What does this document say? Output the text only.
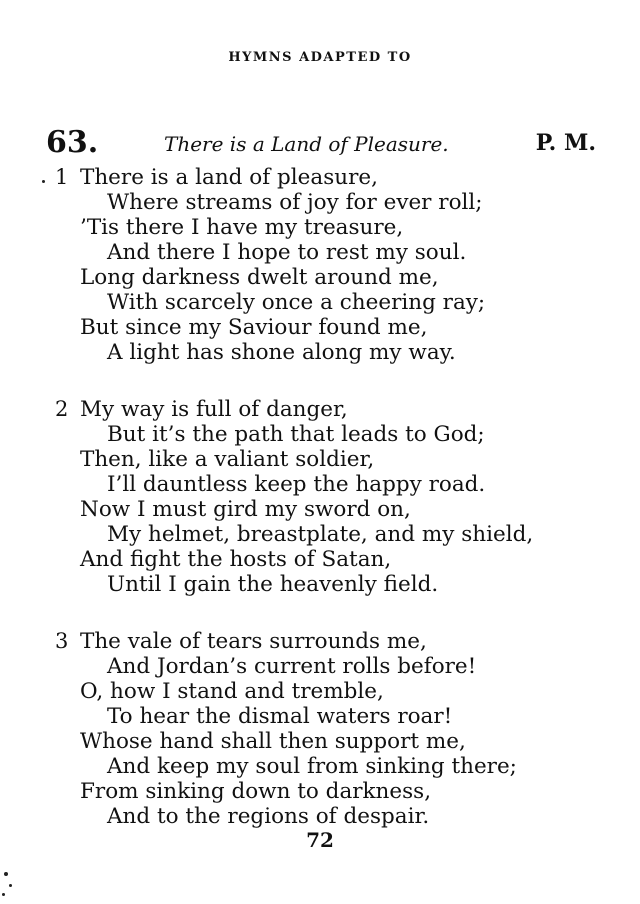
HYMNS ADAPTED TO
63.	There is a Land of Pleasure.	P. M.
1 There is a land of pleasure,
Where streams of joy for ever roll;
’Tis there I have my treasure,
And there I hope to rest my soul.
Long darkness dwelt around me,
With scarcely once a cheering ray;
But since my Saviour found me,
A light has shone along my way.
2 My way is full of danger,
But it’s the path that leads to God;
Then, like a valiant soldier,
I’ll dauntless keep the happy road.
Now I must gird my sword on,
My helmet, breastplate, and my shield,
And fight the hosts of Satan,
Until I gain the heavenly field.
3 The vale of tears surrounds me,
And Jordan’s current rolls before!
O, how I stand and tremble,
To hear the dismal waters roar!
Whose hand shall then support me,
And keep my soul from sinking there;
From sinking down to darkness,
And to the regions of despair.
72
